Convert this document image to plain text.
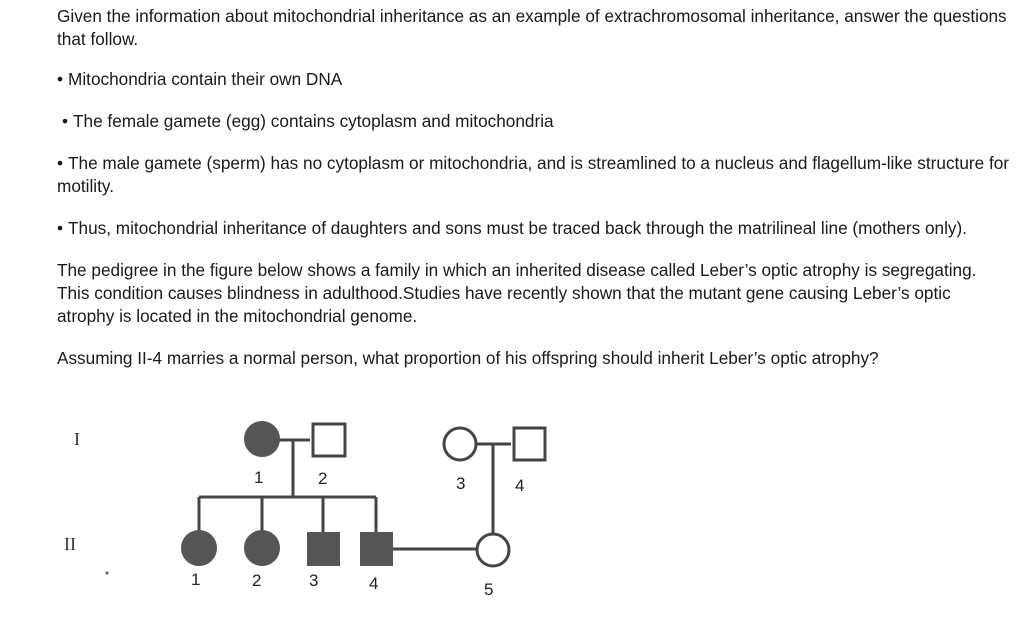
Given the information about mitochondrial inheritance as an example of extrachromosomal inheritance, answer the questions that follow.

• Mitochondria contain their own DNA

• The female gamete (egg) contains cytoplasm and mitochondria

• The male gamete (sperm) has no cytoplasm or mitochondria, and is streamlined to a nucleus and flagellum-like structure for motility.

• Thus, mitochondrial inheritance of daughters and sons must be traced back through the matrilineal line (mothers only).

The pedigree in the figure below shows a family in which an inherited disease called Leber’s optic atrophy is segregating. This condition causes blindness in adulthood.Studies have recently shown that the mutant gene causing Leber’s optic atrophy is located in the mitochondrial genome.

Assuming II-4 marries a normal person, what proportion of his offspring should inherit Leber’s optic atrophy?

I
II
1	2	3	4
1	2	3	4	5
